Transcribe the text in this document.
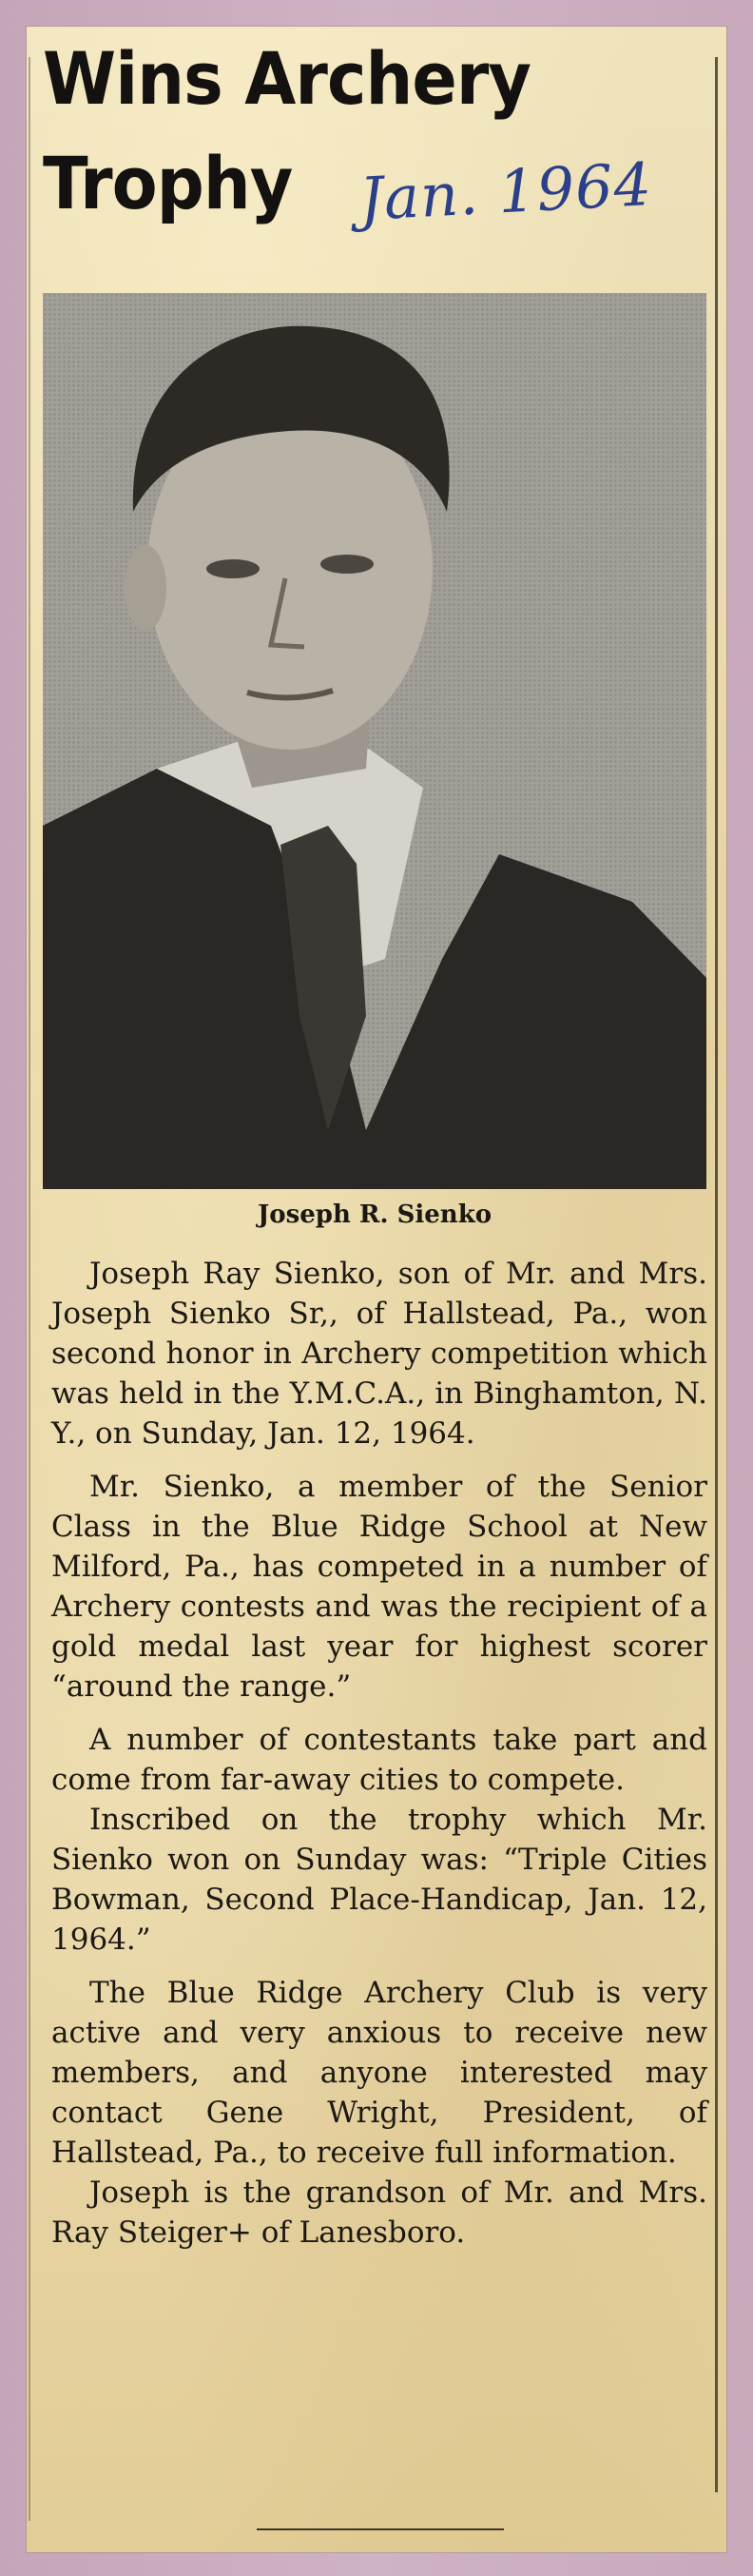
Wins Archery Trophy	Jan. 1964
Joseph R. Sienko

Joseph Ray Sienko, son of Mr. and Mrs. Joseph Sienko Sr,, of Hallstead, Pa., won second honor in Archery competition which was held in the Y.M.C.A., in Binghamton, N. Y., on Sunday, Jan. 12, 1964.

Mr. Sienko, a member of the Senior Class in the Blue Ridge School at New Milford, Pa., has competed in a number of Archery contests and was the recipient of a gold medal last year for highest scorer “around the range.”

A number of contestants take part and come from far-away cities to compete.

Inscribed on the trophy which Mr. Sienko won on Sunday was: “Triple Cities Bowman, Second Place-Handicap, Jan. 12, 1964.”

The Blue Ridge Archery Club is very active and very anxious to receive new members, and anyone interested may contact Gene Wright, President, of Hallstead, Pa., to receive full information.

Joseph is the grandson of Mr. and Mrs. Ray Steiger+ of Lanesboro.
